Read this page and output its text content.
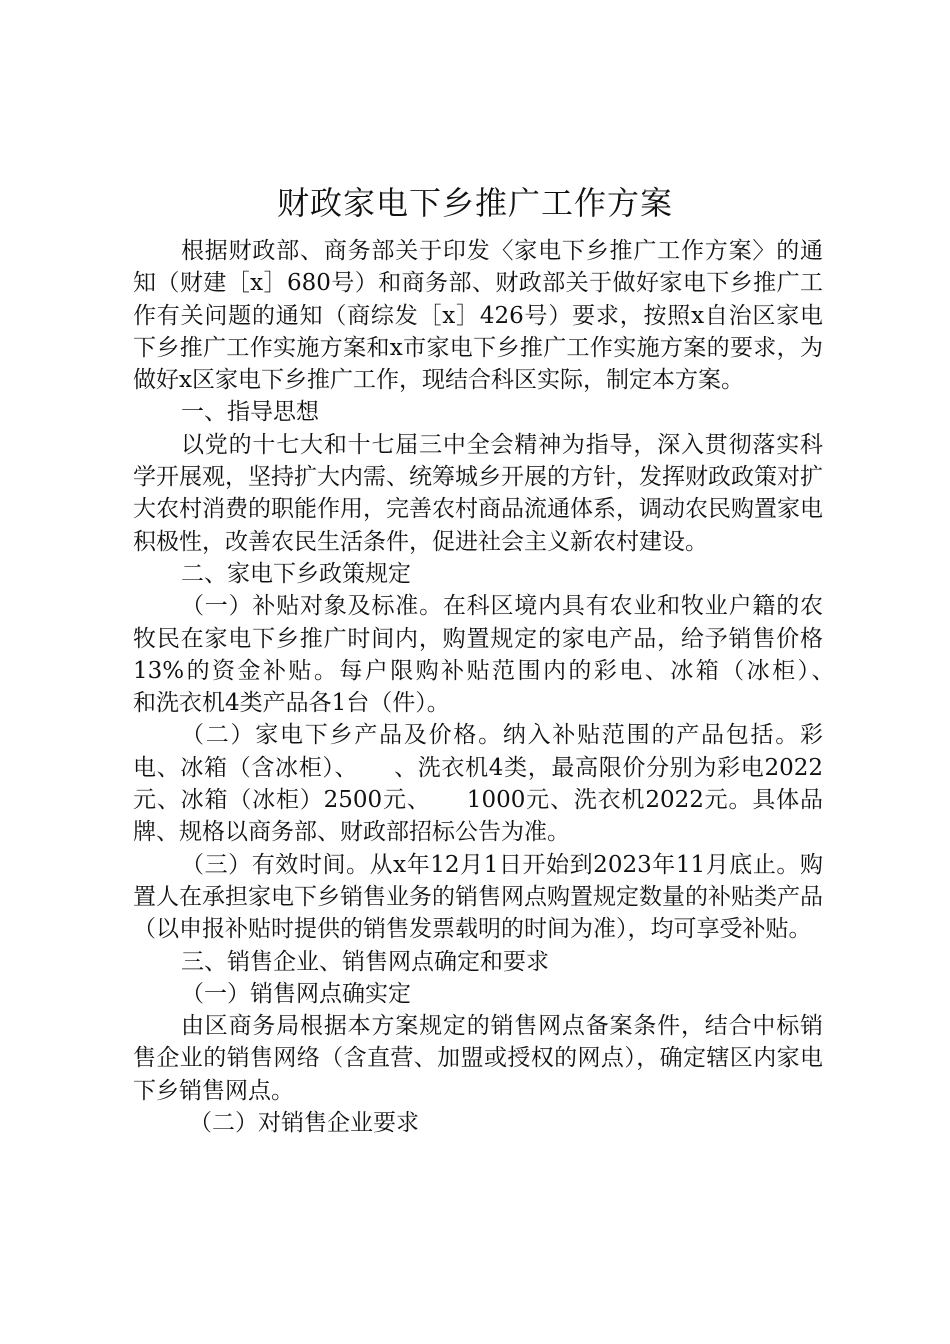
财政家电下乡推广工作方案

根据财政部、商务部关于印发〈家电下乡推广工作方案〉的通知（财建［x］680号）和商务部、财政部关于做好家电下乡推广工作有关问题的通知（商综发［x］426号）要求，按照x自治区家电下乡推广工作实施方案和x市家电下乡推广工作实施方案的要求，为做好x区家电下乡推广工作，现结合科区实际，制定本方案。

一、指导思想

以党的十七大和十七届三中全会精神为指导，深入贯彻落实科学开展观，坚持扩大内需、统筹城乡开展的方针，发挥财政政策对扩大农村消费的职能作用，完善农村商品流通体系，调动农民购置家电积极性，改善农民生活条件，促进社会主义新农村建设。

二、家电下乡政策规定

（一）补贴对象及标准。在科区境内具有农业和牧业户籍的农牧民在家电下乡推广时间内，购置规定的家电产品，给予销售价格13%的资金补贴。每户限购补贴范围内的彩电、冰箱（冰柜）、　　和洗衣机4类产品各1台（件）。

（二）家电下乡产品及价格。纳入补贴范围的产品包括。彩电、冰箱（含冰柜）、　　、洗衣机4类，最高限价分别为彩电2022元、冰箱（冰柜）2500元、　　1000元、洗衣机2022元。具体品牌、规格以商务部、财政部招标公告为准。

（三）有效时间。从x年12月1日开始到2023年11月底止。购置人在承担家电下乡销售业务的销售网点购置规定数量的补贴类产品（以申报补贴时提供的销售发票载明的时间为准），均可享受补贴。

三、销售企业、销售网点确定和要求

（一）销售网点确实定

由区商务局根据本方案规定的销售网点备案条件，结合中标销售企业的销售网络（含直营、加盟或授权的网点），确定辖区内家电下乡销售网点。

（二）对销售企业要求
